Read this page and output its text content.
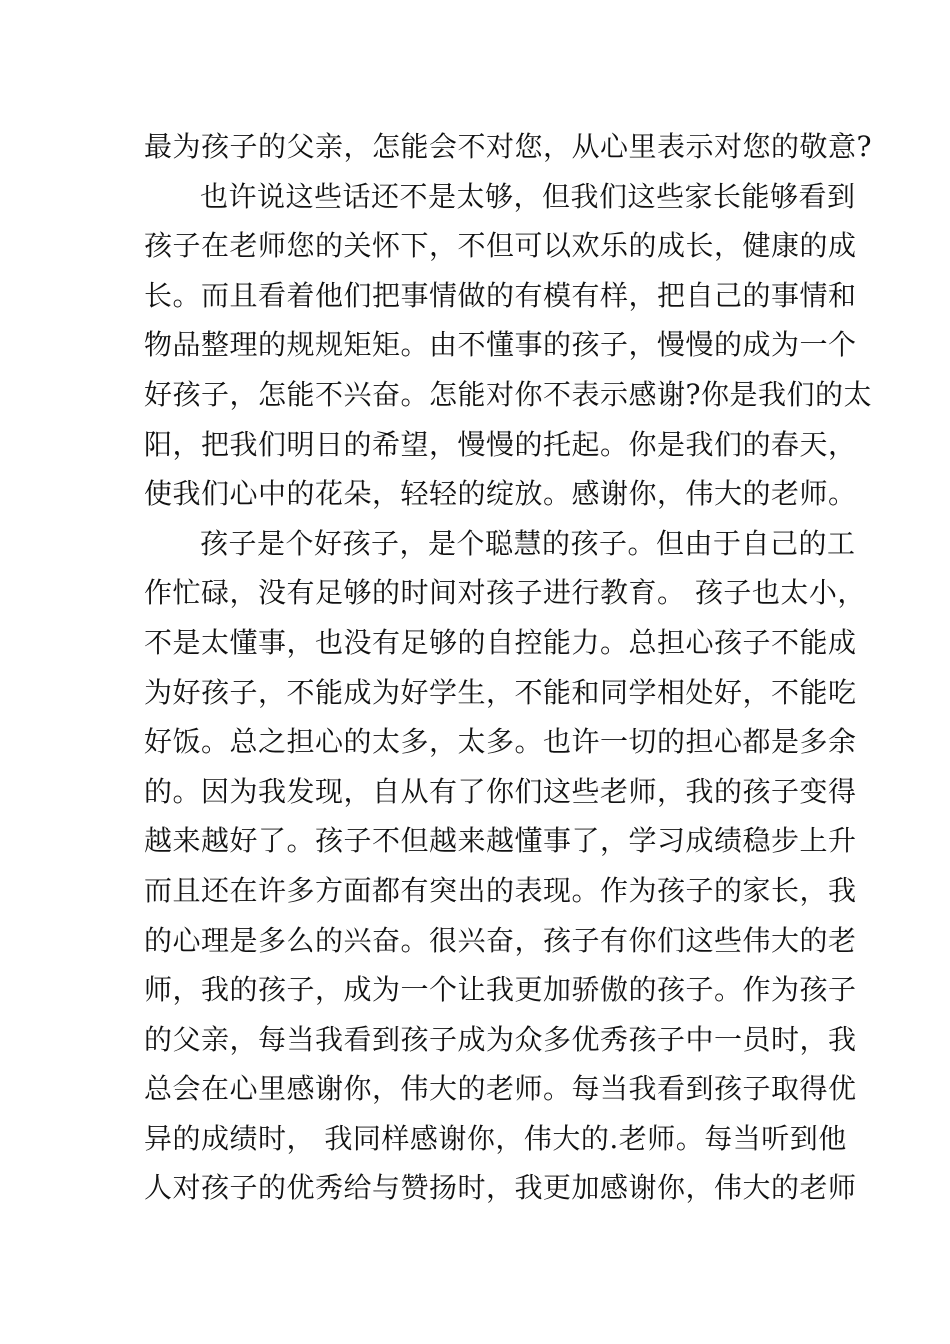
最为孩子的父亲，怎能会不对您，从心里表示对您的敬意?
也许说这些话还不是太够，但我们这些家长能够看到
孩子在老师您的关怀下，不但可以欢乐的成长，健康的成
长。而且看着他们把事情做的有模有样，把自己的事情和
物品整理的规规矩矩。由不懂事的孩子，慢慢的成为一个
好孩子，怎能不兴奋。怎能对你不表示感谢?你是我们的太
阳，把我们明日的希望，慢慢的托起。你是我们的春天，
使我们心中的花朵，轻轻的绽放。感谢你，伟大的老师。
孩子是个好孩子，是个聪慧的孩子。但由于自己的工
作忙碌，没有足够的时间对孩子进行教育。 孩子也太小，
不是太懂事，也没有足够的自控能力。总担心孩子不能成
为好孩子，不能成为好学生，不能和同学相处好，不能吃
好饭。总之担心的太多，太多。也许一切的担心都是多余
的。因为我发现，自从有了你们这些老师，我的孩子变得
越来越好了。孩子不但越来越懂事了，学习成绩稳步上升
而且还在许多方面都有突出的表现。作为孩子的家长，我
的心理是多么的兴奋。很兴奋，孩子有你们这些伟大的老
师，我的孩子，成为一个让我更加骄傲的孩子。作为孩子
的父亲，每当我看到孩子成为众多优秀孩子中一员时，我
总会在心里感谢你，伟大的老师。每当我看到孩子取得优
异的成绩时， 我同样感谢你，伟大的.老师。每当听到他
人对孩子的优秀给与赞扬时，我更加感谢你，伟大的老师
